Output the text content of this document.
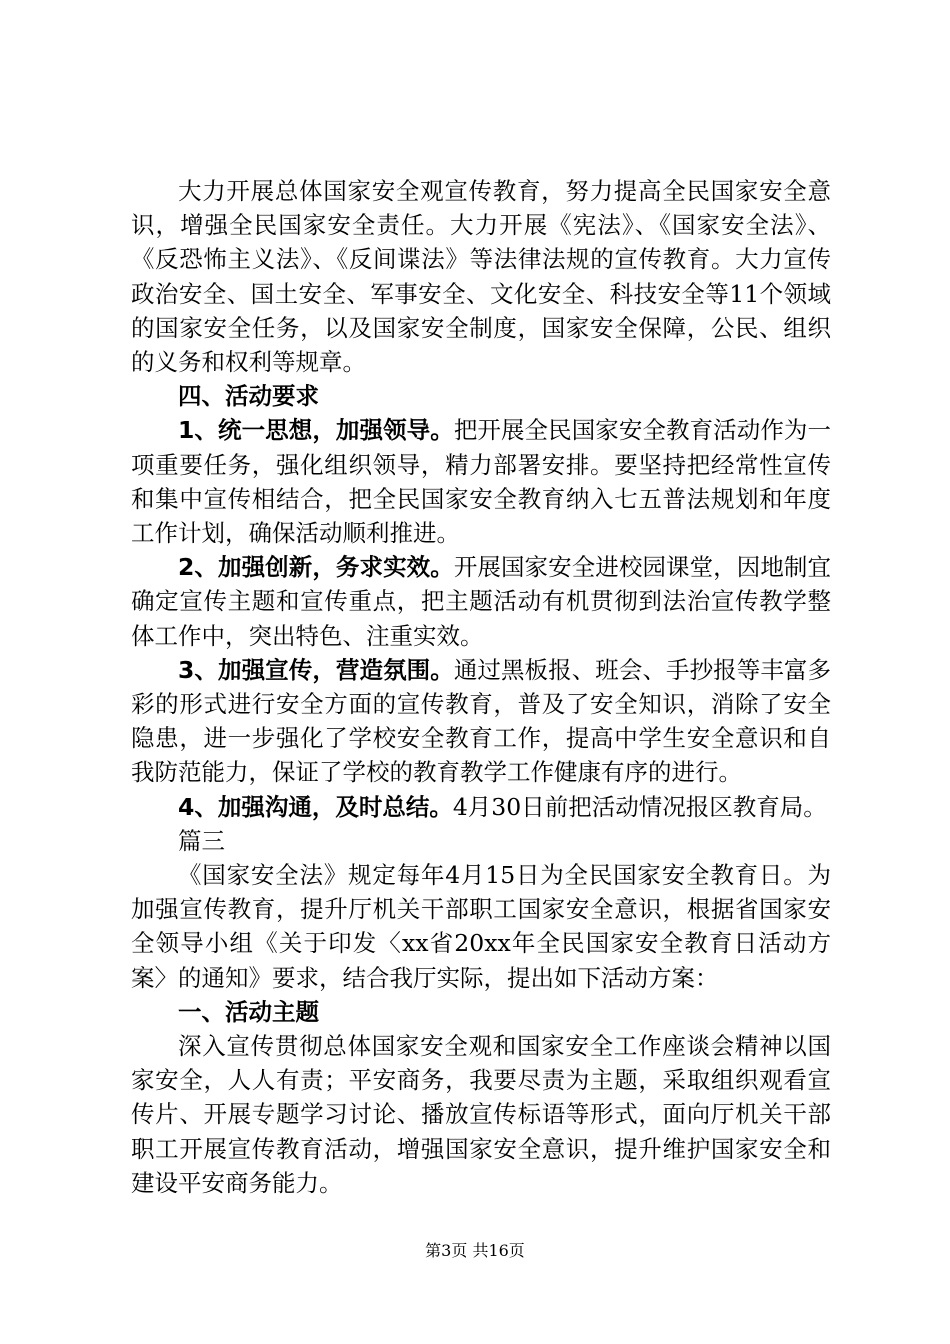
大力开展总体国家安全观宣传教育，努力提高全民国家安全意识，增强全民国家安全责任。大力开展《宪法》、《国家安全法》、《反恐怖主义法》、《反间谍法》等法律法规的宣传教育。大力宣传政治安全、国土安全、军事安全、文化安全、科技安全等11个领域的国家安全任务，以及国家安全制度，国家安全保障，公民、组织的义务和权利等规章。

四、活动要求

1、统一思想，加强领导。把开展全民国家安全教育活动作为一项重要任务，强化组织领导，精力部署安排。要坚持把经常性宣传和集中宣传相结合，把全民国家安全教育纳入七五普法规划和年度工作计划，确保活动顺利推进。

2、加强创新，务求实效。开展国家安全进校园课堂，因地制宜确定宣传主题和宣传重点，把主题活动有机贯彻到法治宣传教学整体工作中，突出特色、注重实效。

3、加强宣传，营造氛围。通过黑板报、班会、手抄报等丰富多彩的形式进行安全方面的宣传教育，普及了安全知识，消除了安全隐患，进一步强化了学校安全教育工作，提高中学生安全意识和自我防范能力，保证了学校的教育教学工作健康有序的进行。

4、加强沟通，及时总结。4月30日前把活动情况报区教育局。

篇三

《国家安全法》规定每年4月15日为全民国家安全教育日。为加强宣传教育，提升厅机关干部职工国家安全意识，根据省国家安全领导小组《关于印发〈xx省20xx年全民国家安全教育日活动方案〉的通知》要求，结合我厅实际，提出如下活动方案：

一、活动主题

深入宣传贯彻总体国家安全观和国家安全工作座谈会精神以国家安全，人人有责；平安商务，我要尽责为主题，采取组织观看宣传片、开展专题学习讨论、播放宣传标语等形式，面向厅机关干部职工开展宣传教育活动，增强国家安全意识，提升维护国家安全和建设平安商务能力。

第3页 共16页
